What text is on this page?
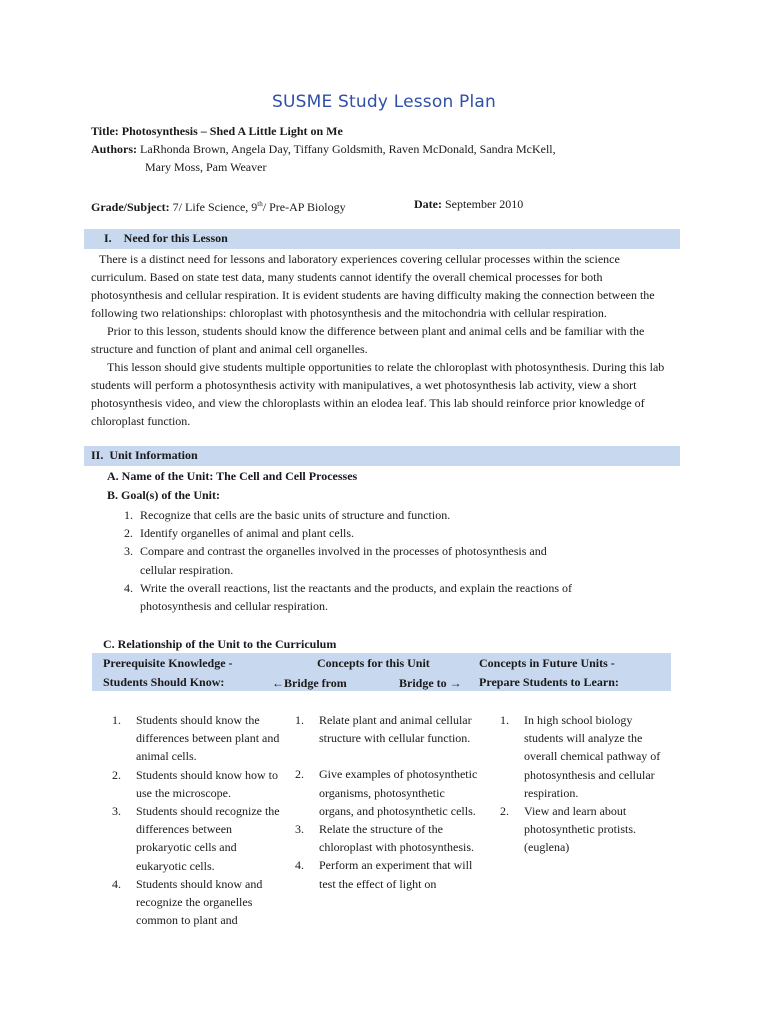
SUSME Study Lesson Plan
Title: Photosynthesis – Shed A Little Light on Me
Authors: LaRhonda Brown, Angela Day, Tiffany Goldsmith, Raven McDonald, Sandra McKell,
Mary Moss, Pam Weaver
Grade/Subject: 7/ Life Science, 9th/ Pre-AP Biology	Date: September 2010
I.    Need for this Lesson

There is a distinct need for lessons and laboratory experiences covering cellular processes within the science curriculum. Based on state test data, many students cannot identify the overall chemical processes for both photosynthesis and cellular respiration. It is evident students are having difficulty making the connection between the following two relationships: chloroplast with photosynthesis and the mitochondria with cellular respiration.

Prior to this lesson, students should know the difference between plant and animal cells and be familiar with the structure and function of plant and animal cell organelles.

This lesson should give students multiple opportunities to relate the chloroplast with photosynthesis. During this lab students will perform a photosynthesis activity with manipulatives, a wet photosynthesis lab activity, view a short photosynthesis video, and view the chloroplasts within an elodea leaf. This lab should reinforce prior knowledge of chloroplast function.

II.  Unit Information
A. Name of the Unit: The Cell and Cell Processes
B. Goal(s) of the Unit:
1. Recognize that cells are the basic units of structure and function.
2. Identify organelles of animal and plant cells.
3. Compare and contrast the organelles involved in the processes of photosynthesis and cellular respiration.
4. Write the overall reactions, list the reactants and the products, and explain the reactions of photosynthesis and cellular respiration.
C. Relationship of the Unit to the Curriculum
Prerequisite Knowledge -
Students Should Know:
Concepts for this Unit
←Bridge from	Bridge to →
Concepts in Future Units -
Prepare Students to Learn:
1. Students should know the differences between plant and animal cells.
2. Students should know how to use the microscope.
3. Students should recognize the differences between prokaryotic cells and eukaryotic cells.
4. Students should know and recognize the organelles common to plant and
1. Relate plant and animal cellular structure with cellular function.
2. Give examples of photosynthetic organisms, photosynthetic organs, and photosynthetic cells.
3. Relate the structure of the chloroplast with photosynthesis.
4. Perform an experiment that will test the effect of light on
1. In high school biology students will analyze the overall chemical pathway of photosynthesis and cellular respiration.
2. View and learn about photosynthetic protists. (euglena)
